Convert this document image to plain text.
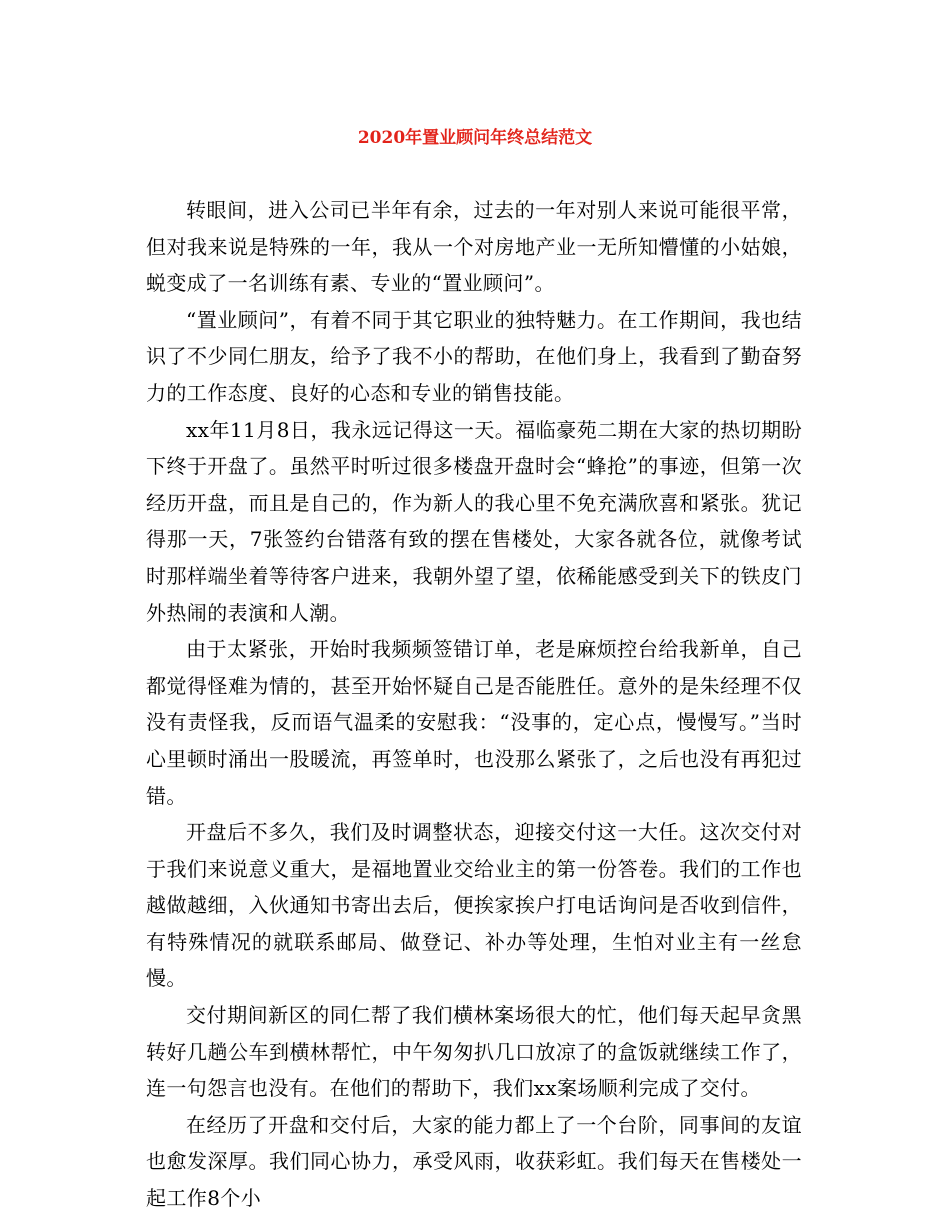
2020年置业顾问年终总结范文

转眼间，进入公司已半年有余，过去的一年对别人来说可能很平常，但对我来说是特殊的一年，我从一个对房地产业一无所知懵懂的小姑娘，蜕变成了一名训练有素、专业的“置业顾问”。

“置业顾问”，有着不同于其它职业的独特魅力。在工作期间，我也结识了不少同仁朋友，给予了我不小的帮助，在他们身上，我看到了勤奋努力的工作态度、良好的心态和专业的销售技能。

xx年11月8日，我永远记得这一天。福临豪苑二期在大家的热切期盼下终于开盘了。虽然平时听过很多楼盘开盘时会“蜂抢”的事迹，但第一次经历开盘，而且是自己的，作为新人的我心里不免充满欣喜和紧张。犹记得那一天，7张签约台错落有致的摆在售楼处，大家各就各位，就像考试时那样端坐着等待客户进来，我朝外望了望，依稀能感受到关下的铁皮门外热闹的表演和人潮。

由于太紧张，开始时我频频签错订单，老是麻烦控台给我新单，自己都觉得怪难为情的，甚至开始怀疑自己是否能胜任。意外的是朱经理不仅没有责怪我，反而语气温柔的安慰我：“没事的，定心点，慢慢写。”当时心里顿时涌出一股暖流，再签单时，也没那么紧张了，之后也没有再犯过错。

开盘后不多久，我们及时调整状态，迎接交付这一大任。这次交付对于我们来说意义重大，是福地置业交给业主的第一份答卷。我们的工作也越做越细，入伙通知书寄出去后，便挨家挨户打电话询问是否收到信件，有特殊情况的就联系邮局、做登记、补办等处理，生怕对业主有一丝怠慢。

交付期间新区的同仁帮了我们横林案场很大的忙，他们每天起早贪黑转好几趟公车到横林帮忙，中午匆匆扒几口放凉了的盒饭就继续工作了，连一句怨言也没有。在他们的帮助下，我们xx案场顺利完成了交付。

在经历了开盘和交付后，大家的能力都上了一个台阶，同事间的友谊也愈发深厚。我们同心协力，承受风雨，收获彩虹。我们每天在售楼处一起工作8个小
